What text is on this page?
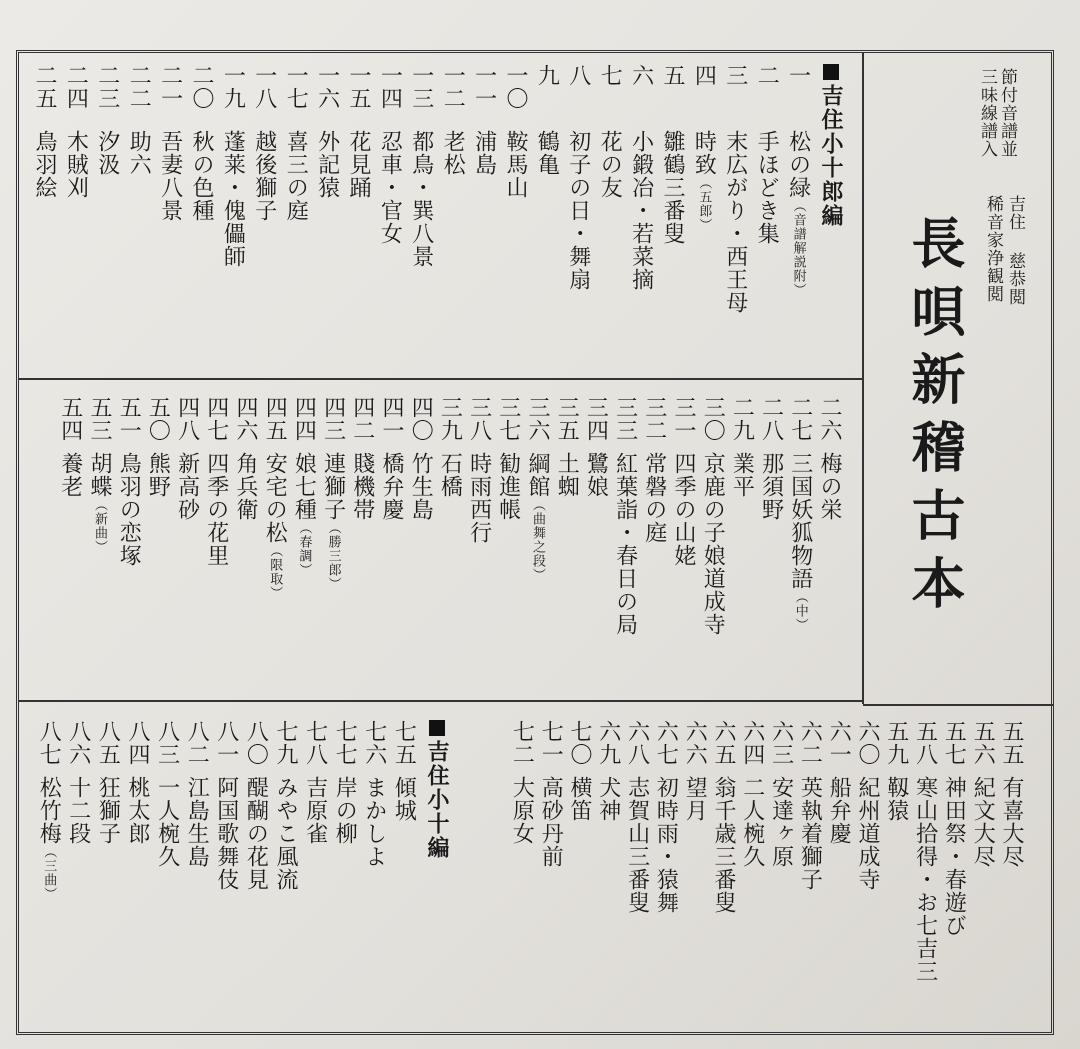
節付音譜並
三味線譜入
吉住 慈恭閲
稀音家浄観閲
長唄新稽古本
吉住小十郎編
一
松の緑（音譜解説附）
二
手ほどき集
三
末広がり・西王母
四
時致（五郎）
五
雛鶴三番叟
六
小鍛冶・若菜摘
七
花の友
八
初子の日・舞扇
九
鶴亀
一〇
鞍馬山
一一
浦島
一二
老松
一三
都鳥・巽八景
一四
忍車・官女
一五
花見踊
一六
外記猿
一七
喜三の庭
一八
越後獅子
一九
蓬莱・傀儡師
二〇
秋の色種
二一
吾妻八景
二二
助六
二三
汐汲
二四
木賊刈
二五
鳥羽絵
二六
梅の栄
二七
三国妖狐物語（中）
二八
那須野
二九
業平
三〇
京鹿の子娘道成寺
三一
四季の山姥
三二
常磐の庭
三三
紅葉詣・春日の局
三四
鷺娘
三五
土蜘
三六
綱館（曲舞之段）
三七
勧進帳
三八
時雨西行
三九
石橋
四〇
竹生島
四一
橋弁慶
四二
賤機帯
四三
連獅子（勝三郎）
四四
娘七種（春調）
四五
安宅の松（限取）
四六
角兵衛
四七
四季の花里
四八
新高砂
五〇
熊野
五一
鳥羽の恋塚
五三
胡蝶（新曲）
五四
養老
五五
有喜大尽
五六
紀文大尽
五七
神田祭・春遊び
五八
寒山拾得・お七吉三
五九
靱猿
六〇
紀州道成寺
六一
船弁慶
六二
英執着獅子
六三
安達ヶ原
六四
二人椀久
六五
翁千歳三番叟
六六
望月
六七
初時雨・猿舞
六八
志賀山三番叟
六九
犬神
七〇
横笛
七一
高砂丹前
七二
大原女
吉住小十編
七五
傾城
七六
まかしよ
七七
岸の柳
七八
吉原雀
七九
みやこ風流
八〇
醍醐の花見
八一
阿国歌舞伎
八二
江島生島
八三
一人椀久
八四
桃太郎
八五
狂獅子
八六
十二段
八七
松竹梅（三曲）
